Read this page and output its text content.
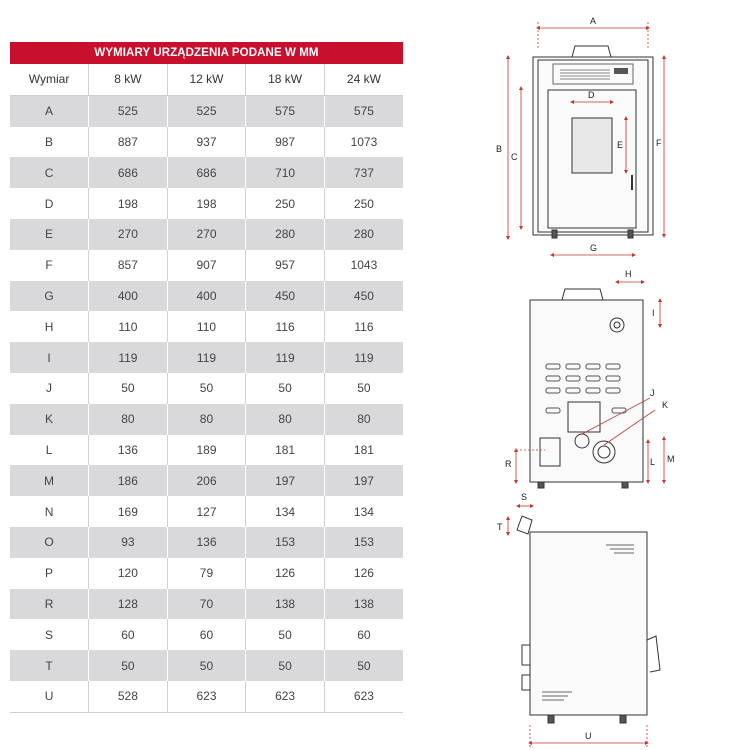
WYMIARY URZĄDZENIA PODANE W MM
Wymiar	8 kW	12 kW	18 kW	24 kW
A	525	525	575	575
B	887	937	987	1073
C	686	686	710	737
D	198	198	250	250
E	270	270	280	280
F	857	907	957	1043
G	400	400	450	450
H	110	110	116	116
I	119	119	119	119
J	50	50	50	50
K	80	80	80	80
L	136	189	181	181
M	186	206	197	197
N	169	127	134	134
O	93	136	153	153
P	120	79	126	126
R	128	70	138	138
S	60	60	50	60
T	50	50	50	50
U	528	623	623	623
A
B
C
D
E	F
G
H
I
J
K
L M
R
S
T
U
